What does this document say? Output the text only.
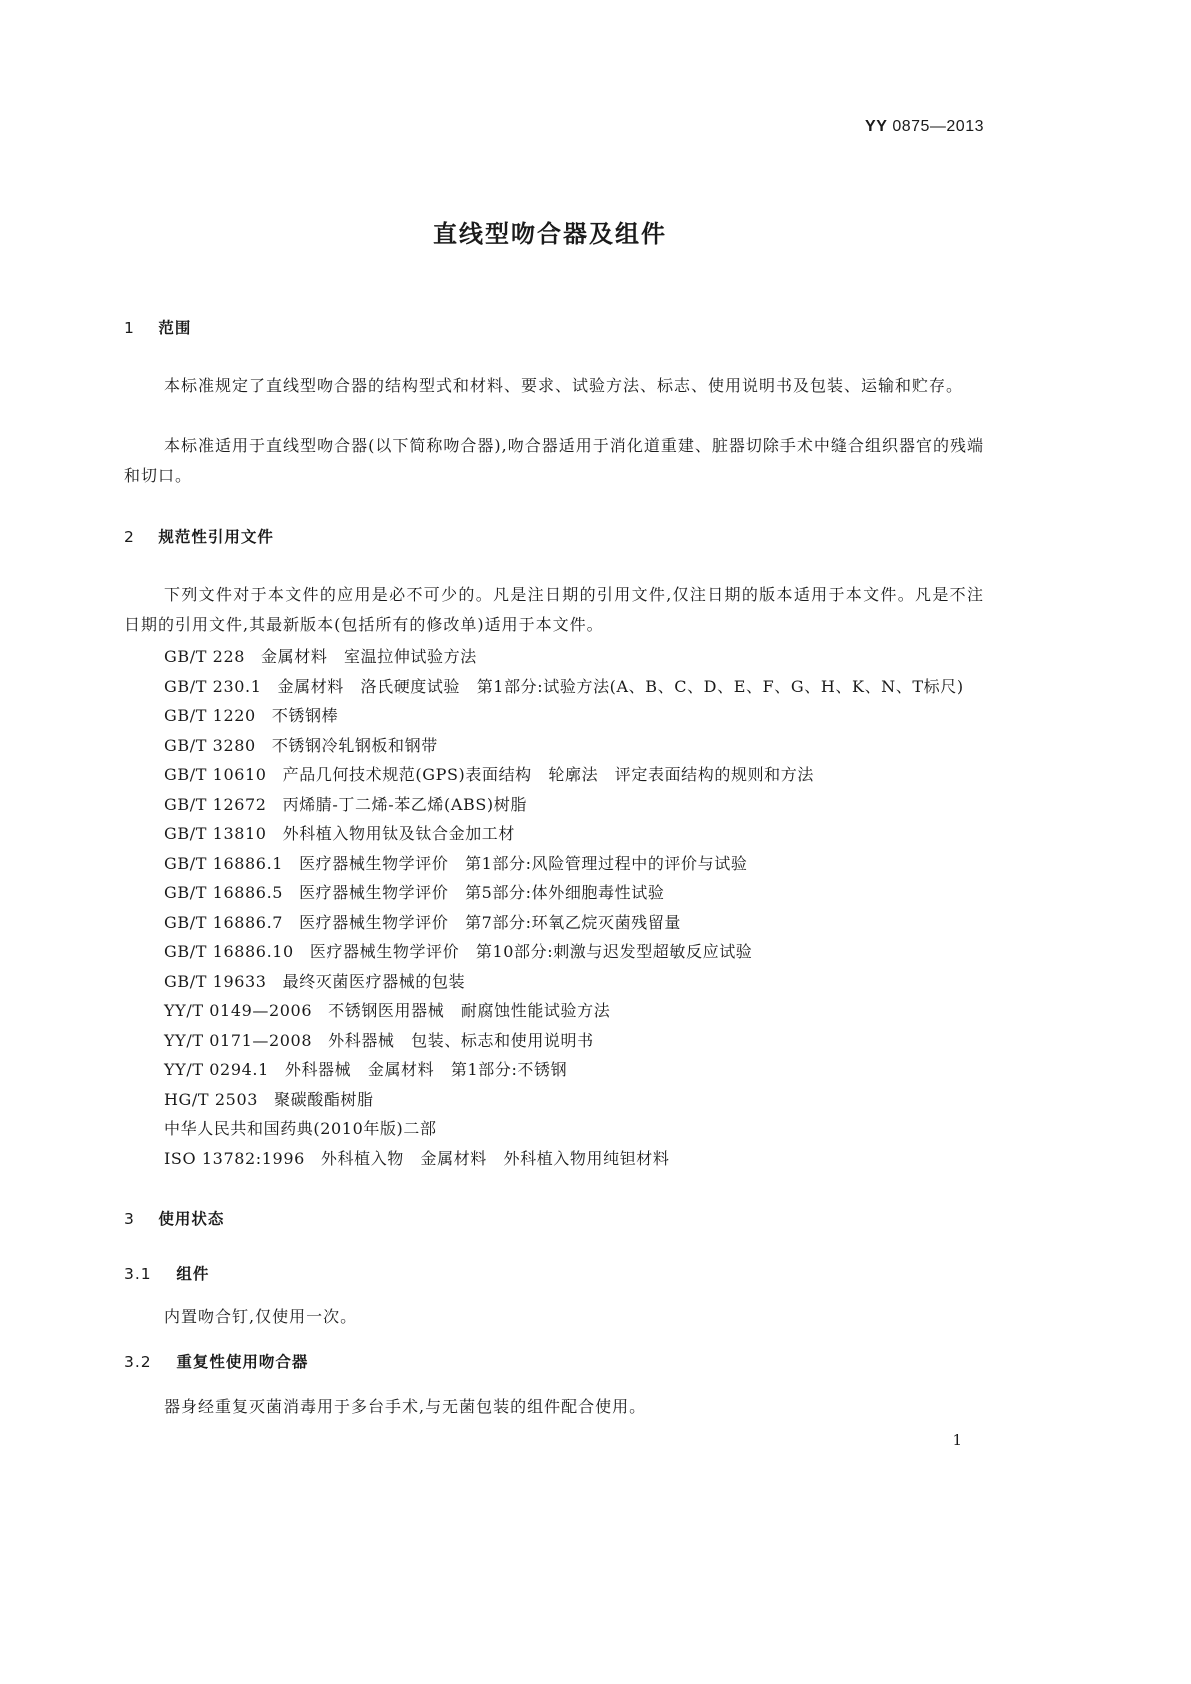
YY 0875—2013
直线型吻合器及组件
1 范围

本标准规定了直线型吻合器的结构型式和材料、要求、试验方法、标志、使用说明书及包装、运输和贮存。

本标准适用于直线型吻合器(以下简称吻合器),吻合器适用于消化道重建、脏器切除手术中缝合组织器官的残端和切口。

2 规范性引用文件

下列文件对于本文件的应用是必不可少的。凡是注日期的引用文件,仅注日期的版本适用于本文件。凡是不注日期的引用文件,其最新版本(包括所有的修改单)适用于本文件。

GB/T 228 金属材料　室温拉伸试验方法
GB/T 230.1 金属材料　洛氏硬度试验　第1部分:试验方法(A、B、C、D、E、F、G、H、K、N、T标尺)
GB/T 1220 不锈钢棒
GB/T 3280 不锈钢冷轧钢板和钢带
GB/T 10610 产品几何技术规范(GPS)表面结构　轮廓法　评定表面结构的规则和方法
GB/T 12672 丙烯腈-丁二烯-苯乙烯(ABS)树脂
GB/T 13810 外科植入物用钛及钛合金加工材
GB/T 16886.1 医疗器械生物学评价　第1部分:风险管理过程中的评价与试验
GB/T 16886.5 医疗器械生物学评价　第5部分:体外细胞毒性试验
GB/T 16886.7 医疗器械生物学评价　第7部分:环氧乙烷灭菌残留量
GB/T 16886.10 医疗器械生物学评价　第10部分:刺激与迟发型超敏反应试验
GB/T 19633 最终灭菌医疗器械的包装
YY/T 0149—2006 不锈钢医用器械　耐腐蚀性能试验方法
YY/T 0171—2008 外科器械　包装、标志和使用说明书
YY/T 0294.1 外科器械　金属材料　第1部分:不锈钢
HG/T 2503 聚碳酸酯树脂
中华人民共和国药典(2010年版)二部
ISO 13782:1996 外科植入物　金属材料　外科植入物用纯钽材料
3 使用状态
3.1 组件

内置吻合钉,仅使用一次。

3.2 重复性使用吻合器

器身经重复灭菌消毒用于多台手术,与无菌包装的组件配合使用。

1
